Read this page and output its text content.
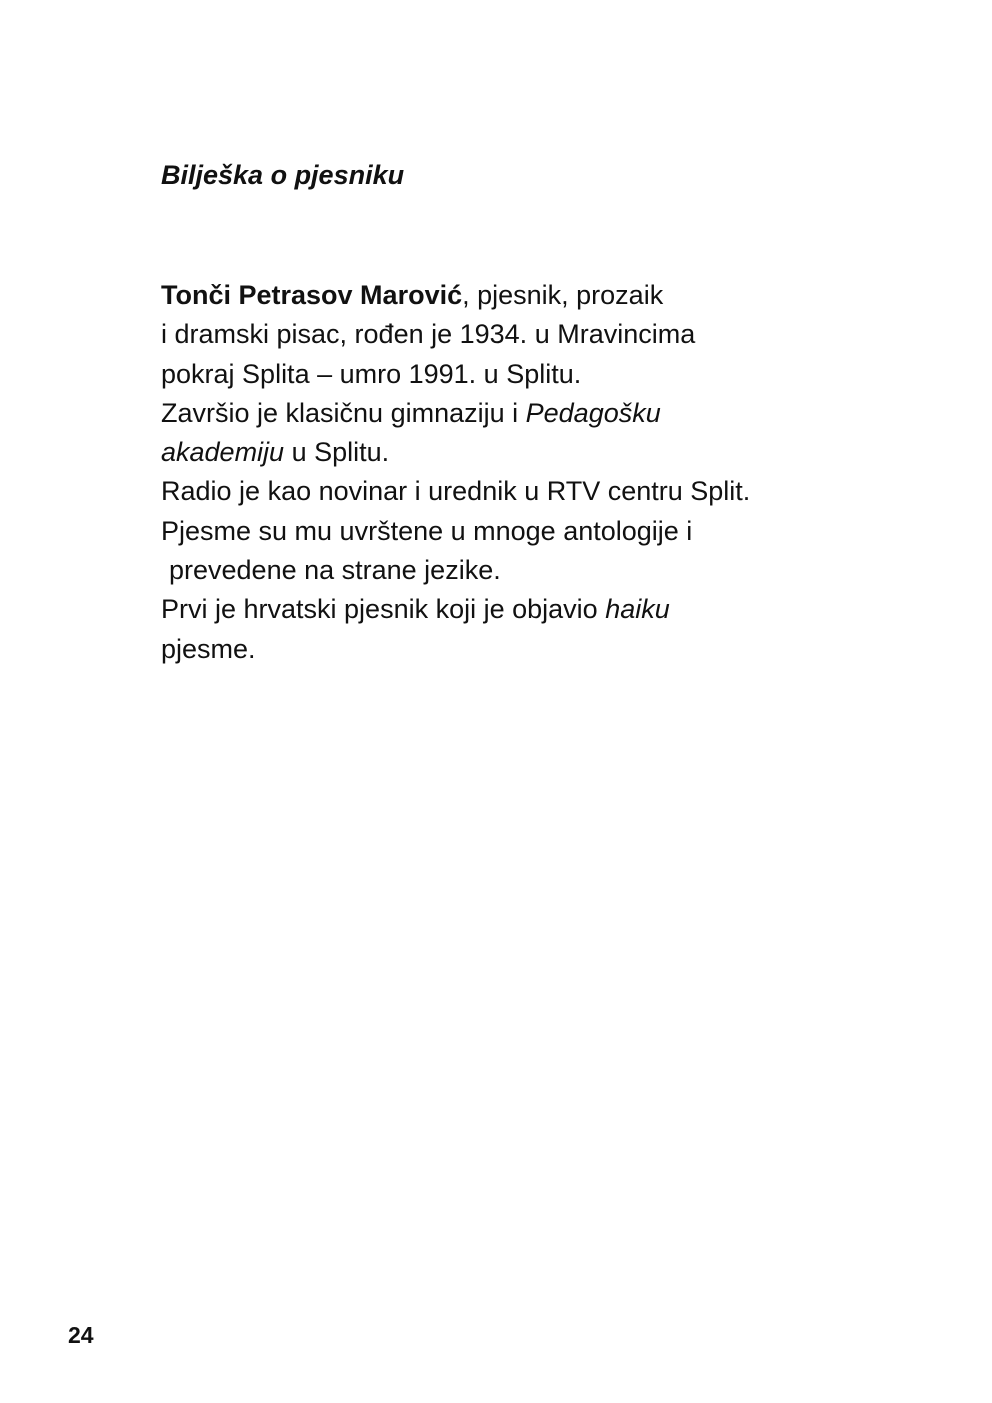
Bilješka o pjesniku
Tonči Petrasov Marović, pjesnik, prozaik
i dramski pisac, rođen je 1934. u Mravincima
pokraj Splita – umro 1991. u Splitu.
Završio je klasičnu gimnaziju i Pedagošku
akademiju u Splitu.
Radio je kao novinar i urednik u RTV centru Split.
Pjesme su mu uvrštene u mnoge antologije i
prevedene na strane jezike.
Prvi je hrvatski pjesnik koji je objavio haiku
pjesme.
24
